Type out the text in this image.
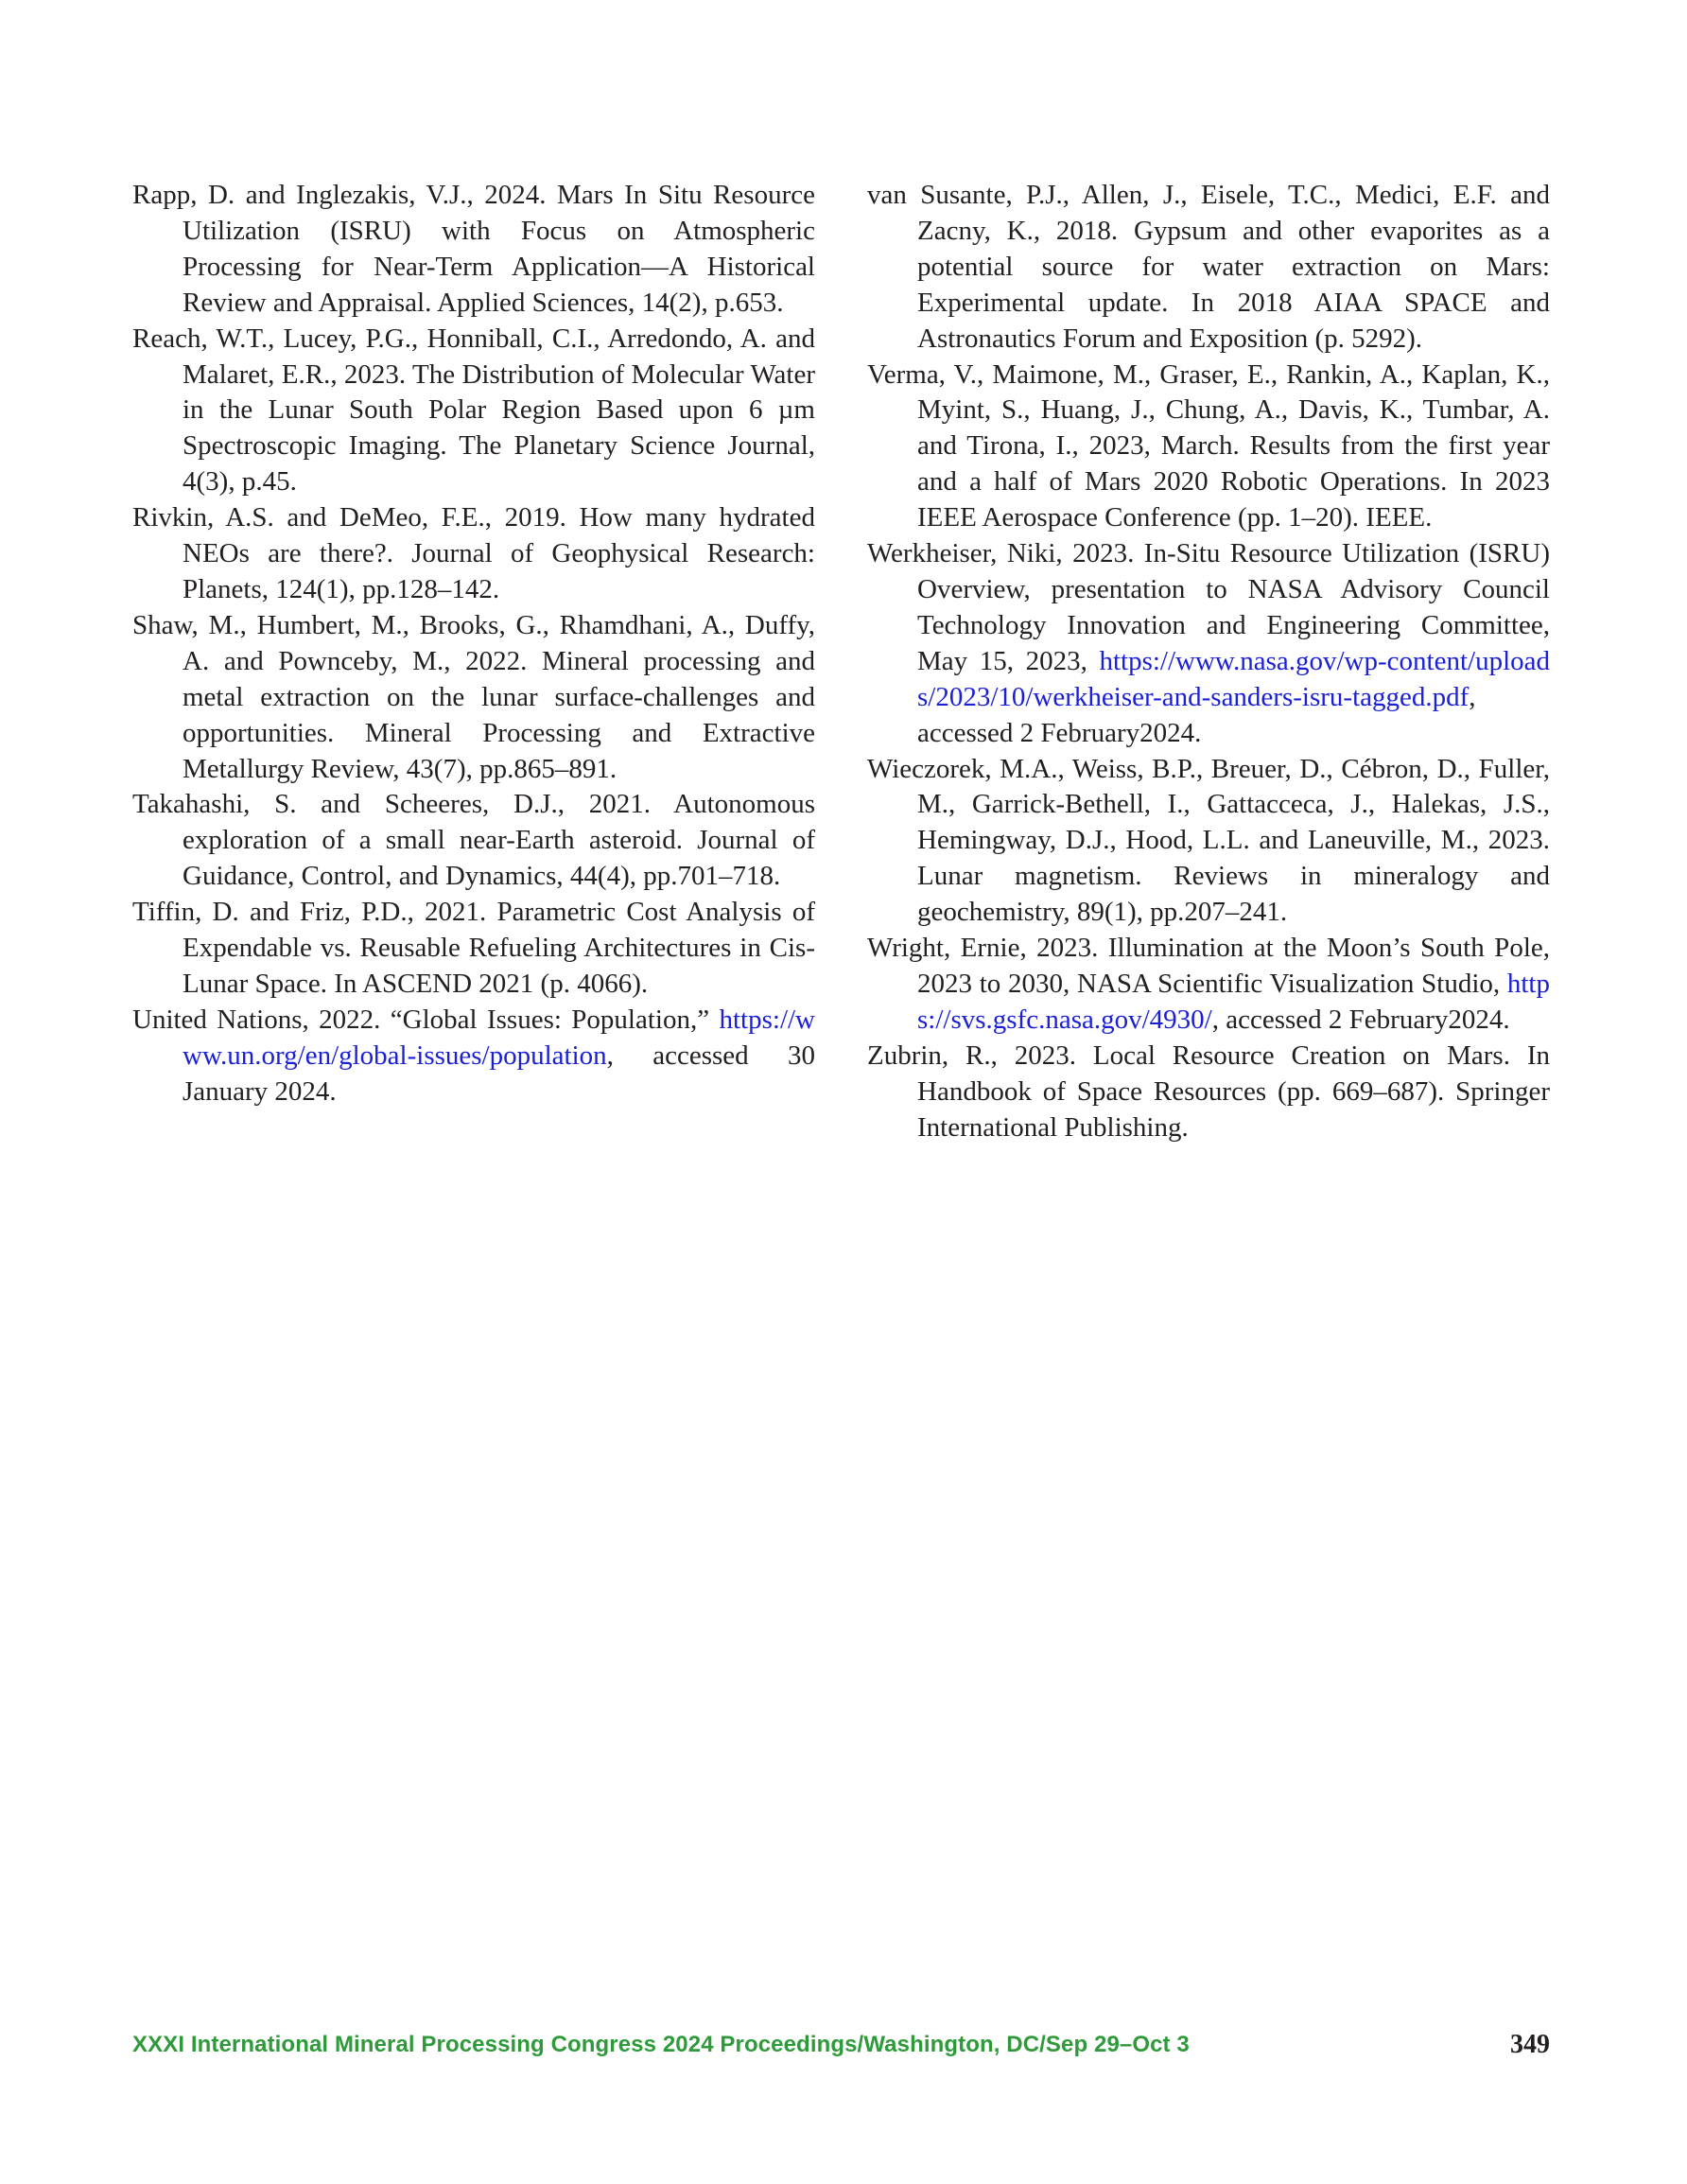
Rapp, D. and Inglezakis, V.J., 2024. Mars In Situ Resource Utilization (ISRU) with Focus on Atmospheric Processing for Near-Term Application—A Historical Review and Appraisal. Applied Sciences, 14(2), p.653.

Reach, W.T., Lucey, P.G., Honniball, C.I., Arredondo, A. and Malaret, E.R., 2023. The Distribution of Molecular Water in the Lunar South Polar Region Based upon 6 µm Spectroscopic Imaging. The Planetary Science Journal, 4(3), p.45.

Rivkin, A.S. and DeMeo, F.E., 2019. How many hydrated NEOs are there?. Journal of Geophysical Research: Planets, 124(1), pp.128–142.

Shaw, M., Humbert, M., Brooks, G., Rhamdhani, A., Duffy, A. and Pownceby, M., 2022. Mineral processing and metal extraction on the lunar surface-challenges and opportunities. Mineral Processing and Extractive Metallurgy Review, 43(7), pp.865–891.

Takahashi, S. and Scheeres, D.J., 2021. Autonomous exploration of a small near-Earth asteroid. Journal of Guidance, Control, and Dynamics, 44(4), pp.701–718.

Tiffin, D. and Friz, P.D., 2021. Parametric Cost Analysis of Expendable vs. Reusable Refueling Architectures in Cis-Lunar Space. In ASCEND 2021 (p. 4066).

United Nations, 2022. “Global Issues: Population,” https://www.un.org/en/global-issues/population, accessed 30 January 2024.

van Susante, P.J., Allen, J., Eisele, T.C., Medici, E.F. and Zacny, K., 2018. Gypsum and other evaporites as a potential source for water extraction on Mars: Experimental update. In 2018 AIAA SPACE and Astronautics Forum and Exposition (p. 5292).

Verma, V., Maimone, M., Graser, E., Rankin, A., Kaplan, K., Myint, S., Huang, J., Chung, A., Davis, K., Tumbar, A. and Tirona, I., 2023, March. Results from the first year and a half of Mars 2020 Robotic Operations. In 2023 IEEE Aerospace Conference (pp. 1–20). IEEE.

Werkheiser, Niki, 2023. In-Situ Resource Utilization (ISRU) Overview, presentation to NASA Advisory Council Technology Innovation and Engineering Committee, May 15, 2023, https://www.nasa.gov/wp-content/uploads/2023/10/werkheiser-and-sanders-isru-tagged.pdf, accessed 2 February2024.

Wieczorek, M.A., Weiss, B.P., Breuer, D., Cébron, D., Fuller, M., Garrick-Bethell, I., Gattacceca, J., Halekas, J.S., Hemingway, D.J., Hood, L.L. and Laneuville, M., 2023. Lunar magnetism. Reviews in mineralogy and geochemistry, 89(1), pp.207–241.

Wright, Ernie, 2023. Illumination at the Moon’s South Pole, 2023 to 2030, NASA Scientific Visualization Studio, https://svs.gsfc.nasa.gov/4930/, accessed 2 February2024.

Zubrin, R., 2023. Local Resource Creation on Mars. In Handbook of Space Resources (pp. 669–687). Springer International Publishing.

XXXI International Mineral Processing Congress 2024 Proceedings/Washington, DC/Sep 29–Oct 3	349
